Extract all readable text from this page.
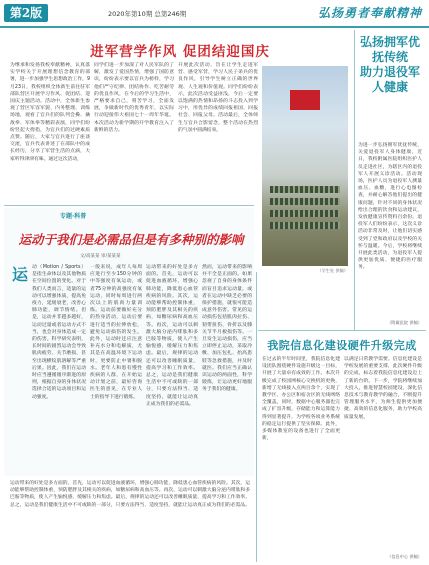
第2版	2020年第10期 总第246期	弘扬勇者奉献精神
进军营学作风 促团结迎国庆
为继承和发扬我校奉献精神，认真落实学校关于开展理想信念教育的部署，进一步加强学生思想政治工作，9月23日，我校组织全体新生前往驻军部队营区开展学习作风、促团结、迎国庆主题活动。活动中，全体新生参观了营区军容军貌、内务整理、训练场地，观看了官兵们的队列会操、擒敌拳、军体拳等精彩表演，同学们纷纷竖起大拇指，为官兵们的过硬素质点赞。随后，大家与官兵进行了座谈交流，官兵代表讲述了在部队中的成长经历，分享了军营生活的点滴，大家听得津津有味。通过这次活动，
同学们进一步加深了对人民军队的了解，激发了爱国热情，增强了国防意识，纷纷表示要以官兵为榜样，学习他们严守纪律、团结协作、吃苦耐劳的优良作风，在今后的学习生活中，严格要求自己，刻苦学习，全面发展，争做新时代的优秀青年，以实际行动迎接伟大祖国七十一周年华诞。本次活动为新学期的开学教育注入了新鲜的活力。
开展此次活动，旨在让学生走进军营、感受军营，学习人民子弟兵的优良作风，引导学生树立正确的世界观、人生观和价值观。同学们纷纷表示，此次活动受益匪浅，今后一定要以饱满的热情和昂扬的斗志投入到学习中，用优异的成绩回报祖国、回报社会、回报父母。活动最后，全体师生与官兵合影留念，整个活动在热烈的气氛中圆满结束。
（学生处 供稿）
弘扬拥军优抚传统
助力退役军人健康
为进一步弘扬拥军优抚传统，关爱退役军人身体健康，近日，我校附属医院组织医护人员走进社区，为辖区内的退役军人开展义诊活动。活动现场，医护人员为退役军人测量血压、血糖，进行心电图检查，并耐心解答他们提出的健康问题，针对不同的身体状况给出合理的饮食和运动建议，发放健康宣传资料百余份。退役军人们纷纷表示，这次义诊活动非常及时，让他们切实感受到了党和政府以及学校的关怀与温暖。今后，学校将继续开展此类活动，为退役军人提供更加优质、便捷的医疗服务。
（附属医院 供稿）
专题·科普
运动于我们是必需品但是有多种别的影响
文/高某某 审/某某某
运 动（Motion / Sports）是指生命体以及其他物质在空间位置的变化。对于我们人类而言，适量的运动可以增强体质，提高免疫力，延缓衰老，改善心肺功能，调节情绪。但是，运动并非越多越好，运动过量或者运动方式不当，也会对身体造成一定的伤害。科学研究表明，长时间的剧烈运动会导致肌肉疲劳、关节磨损，甚至出现横纹肌溶解等严重后果。因此，我们在运动时应当遵循循序渐进的原则，根据自身的身体状况选择合适的运动项目和运动强度。
一般来说，成年人每周应进行至少150分钟的中等强度有氧运动，或者75分钟的高强度有氧运动，同时每周进行两次以上的肌肉力量训练。运动前要做好充分的热身活动，运动后要进行适当的拉伸放松，避免运动损伤的发生。此外，运动时还应注意补充水分和电解质，尤其是在高温环境下运动时，更要防止中暑和脱水。老年人和患有慢性疾病的人群，在开始运动计划之前，最好咨询医生的意见，在专业人士的指导下进行锻炼。
运动带来的好处是多方面的。首先，运动可以促进血液循环，增强心肺功能，降低患心血管疾病的风险。其次，运动能够帮助控制体重，预防肥胖及其相关的疾病，如糖尿病和高血压等。再次，运动可以刺激大脑分泌内啡肽和多巴胺等物质，使人产生愉悦感，缓解压力和焦虑。最后，规律的运动还可以改善睡眠质量，提高学习和工作效率。总之，运动是我们健康生活中不可或缺的一部分，只要方法得当、适度坚持，就能让运动真正成为我们的必需品。
然而，运动带来的影响并不全是正面的。如果忽视了自身的身体条件而盲目追求运动量，或者在运动中缺乏必要的保护措施，就很可能造成意外伤害。常见的运动损伤包括肌肉拉伤、韧带扭伤、骨折以及膝关节半月板损伤等。一旦发生运动损伤，应当立即停止运动，采取冷敷、加压包扎、抬高患肢等急救措施，并及时就医。我们应当正确认识运动的两面性，科学锻炼，让运动更好地服务于我们的健康。
运动带来的好处是多方面的。首先，运动可以促进血液循环，增强心肺功能，降低患心血管疾病的风险。其次，运动能够帮助控制体重，预防肥胖及其相关的疾病，如糖尿病和高血压等。再次，运动可以刺激大脑分泌内啡肽和多巴胺等物质，使人产生愉悦感，缓解压力和焦虑。最后，规律的运动还可以改善睡眠质量，提高学习和工作效率。总之，运动是我们健康生活中不可或缺的一部分，只要方法得当、适度坚持，就能让运动真正成为我们的必需品。
我院信息化建设硬件升级完成
在过去的半年时间里，我院信息化建设团队围绕硬件设施升级这一目标，开展了大量卓有成效的工作。本次升级完成了校园网核心交换机的更换，新增了无线接入点两百余个，实现了教学区、办公区和宿舍区的无线网络全覆盖。同时，数据中心服务器也完成了扩容升级，存储能力和运算能力得到显著提升，为学校各项业务系统的稳定运行提供了坚实保障。此外，多媒体教室的设备也进行了全面更新，
以满足日常教学需要。信息化建设是学校发展的重要支撑，此次硬件升级的完成，标志着我院信息化建设迈上了新的台阶。下一步，学院将继续加大投入，推进智慧校园建设，深化信息技术与教育教学的融合，不断提升管理服务水平，为师生提供更加便捷、高效的信息化服务，助力学校高质量发展。
（信息中心 供稿）
